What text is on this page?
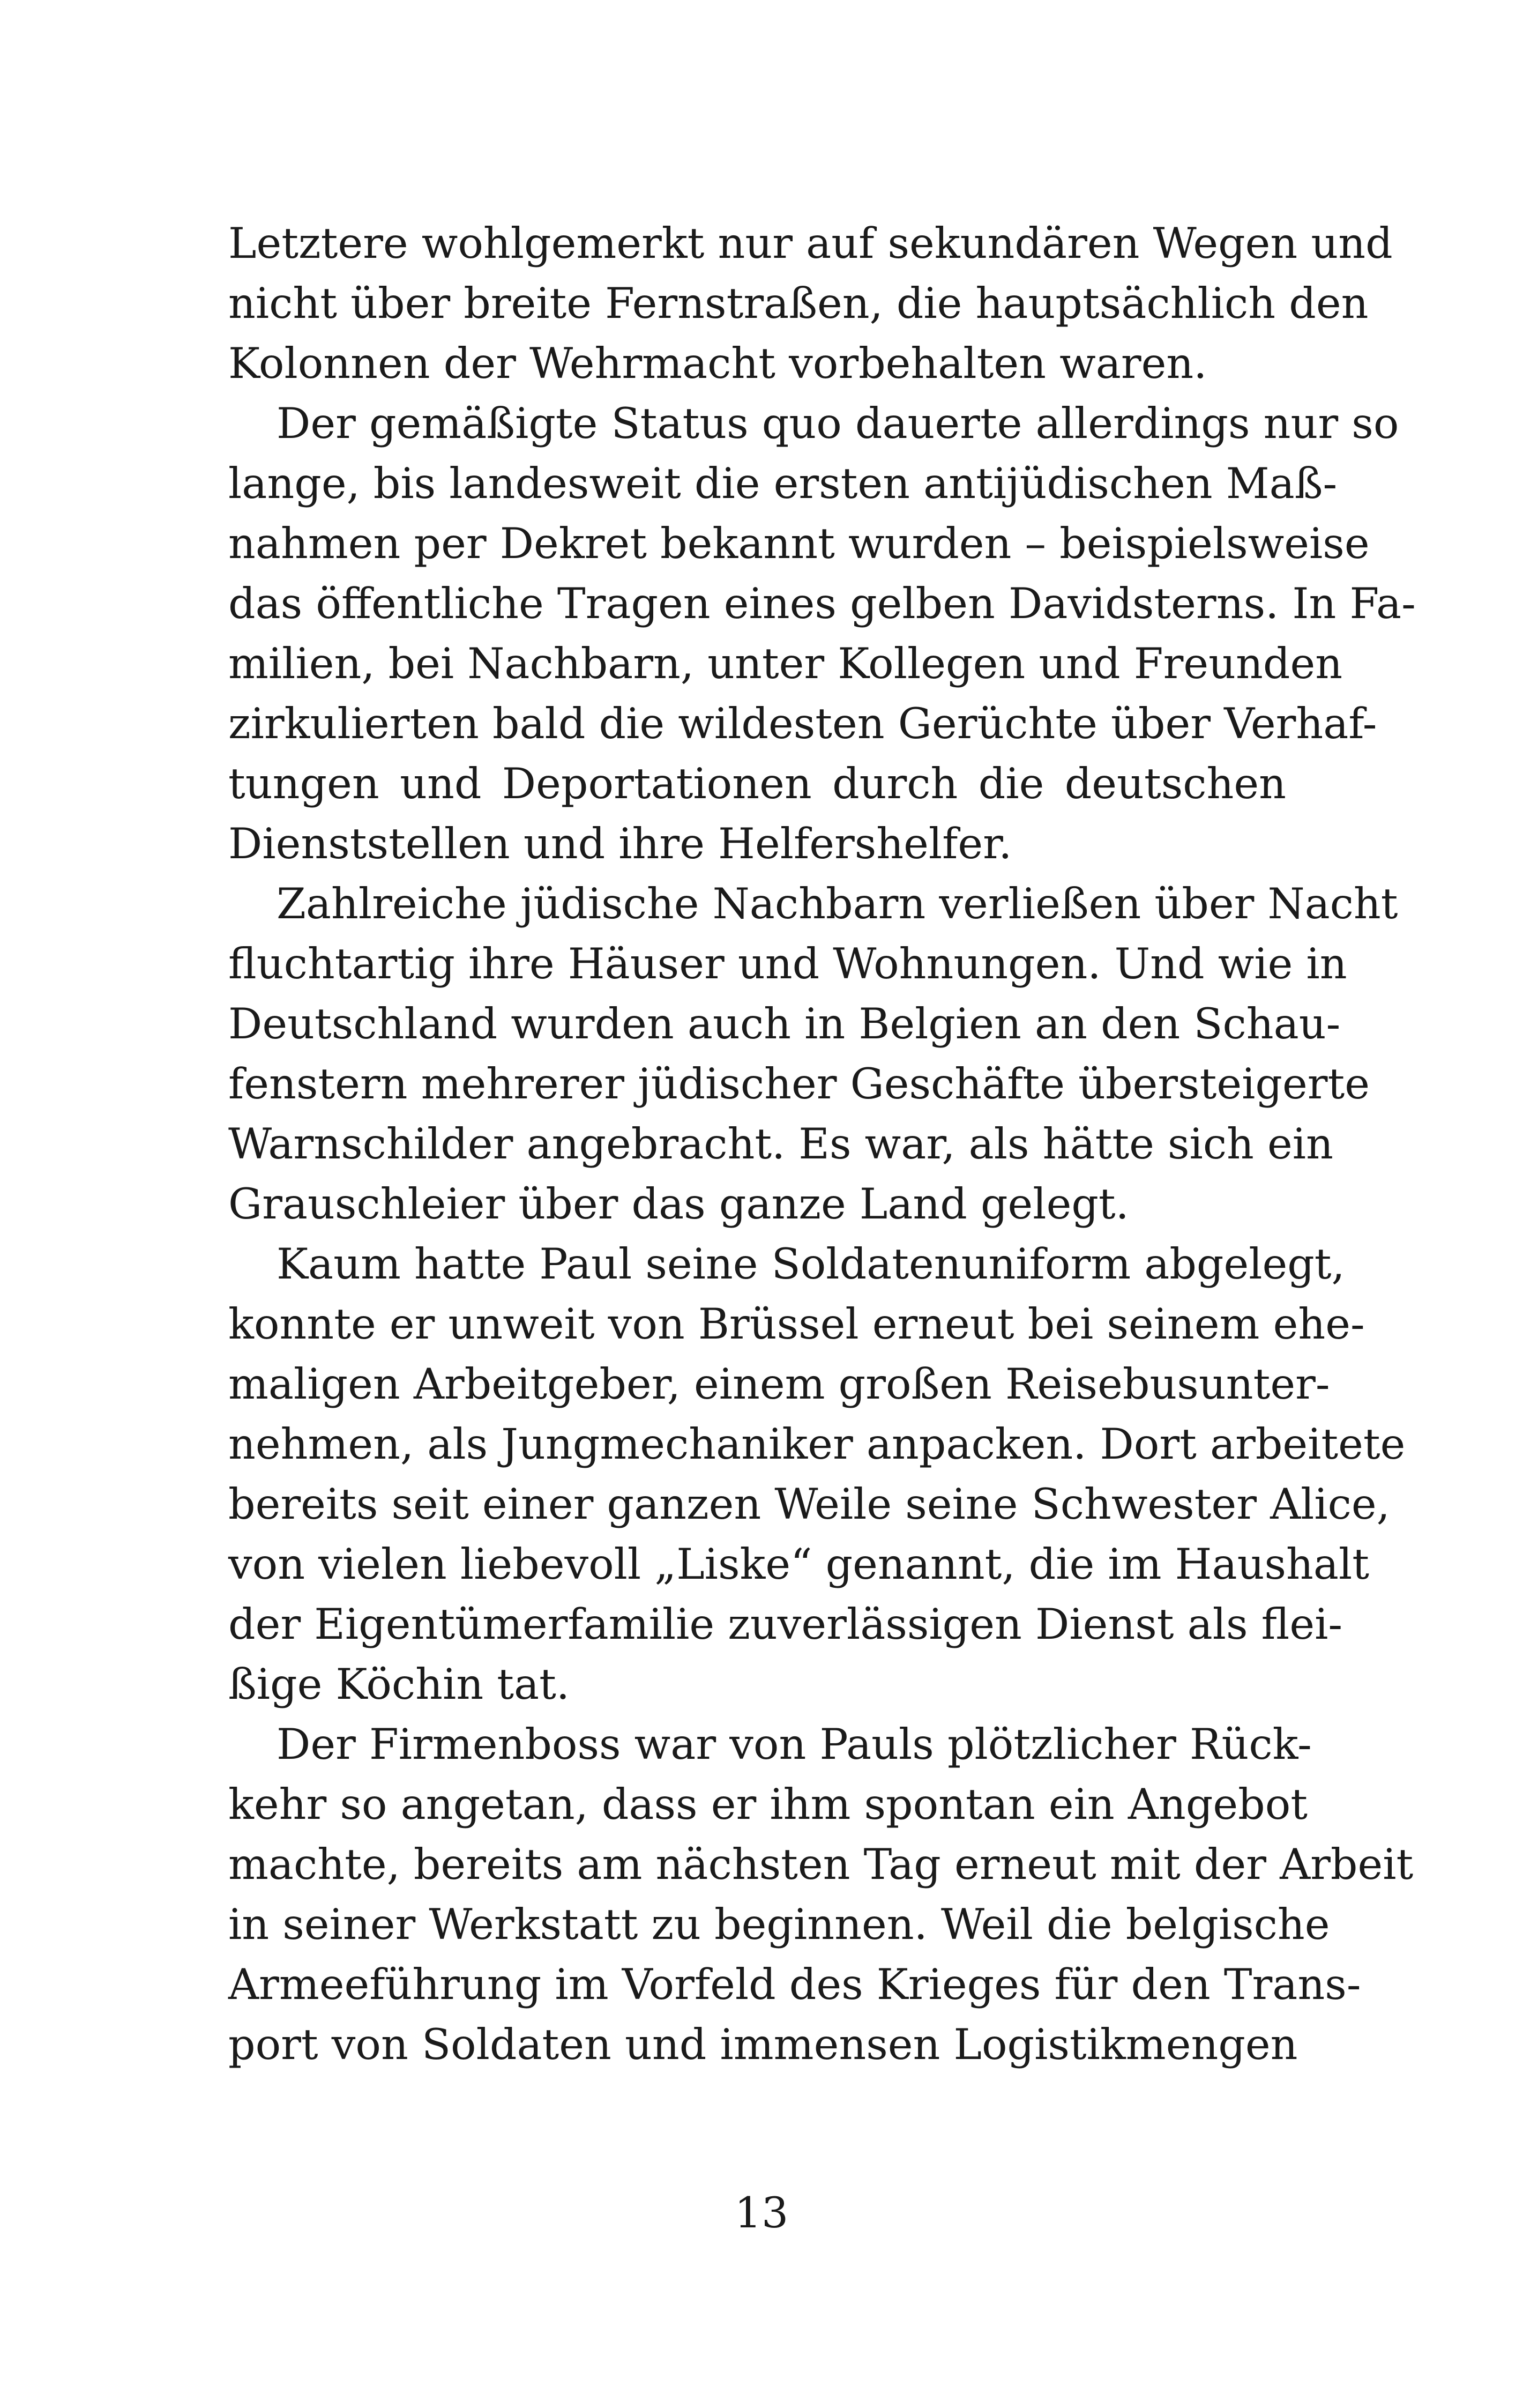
Letztere wohlgemerkt nur auf sekundären Wegen und
nicht über breite Fernstraßen, die hauptsächlich den
Kolonnen der Wehrmacht vorbehalten waren.
Der gemäßigte Status quo dauerte allerdings nur so
lange, bis landesweit die ersten antijüdischen Maß-
nahmen per Dekret bekannt wurden – beispielsweise
das öffentliche Tragen eines gelben Davidsterns. In Fa-
milien, bei Nachbarn, unter Kollegen und Freunden
zirkulierten bald die wildesten Gerüchte über Verhaf-
tungen und Deportationen durch die deutschen
Dienststellen und ihre Helfershelfer.
Zahlreiche jüdische Nachbarn verließen über Nacht
fluchtartig ihre Häuser und Wohnungen. Und wie in
Deutschland wurden auch in Belgien an den Schau-
fenstern mehrerer jüdischer Geschäfte übersteigerte
Warnschilder angebracht. Es war, als hätte sich ein
Grauschleier über das ganze Land gelegt.
Kaum hatte Paul seine Soldatenuniform abgelegt,
konnte er unweit von Brüssel erneut bei seinem ehe-
maligen Arbeitgeber, einem großen Reisebusunter-
nehmen, als Jungmechaniker anpacken. Dort arbeitete
bereits seit einer ganzen Weile seine Schwester Alice,
von vielen liebevoll „Liske“ genannt, die im Haushalt
der Eigentümerfamilie zuverlässigen Dienst als flei-
ßige Köchin tat.
Der Firmenboss war von Pauls plötzlicher Rück-
kehr so angetan, dass er ihm spontan ein Angebot
machte, bereits am nächsten Tag erneut mit der Arbeit
in seiner Werkstatt zu beginnen. Weil die belgische
Armeeführung im Vorfeld des Krieges für den Trans-
port von Soldaten und immensen Logistikmengen
13
